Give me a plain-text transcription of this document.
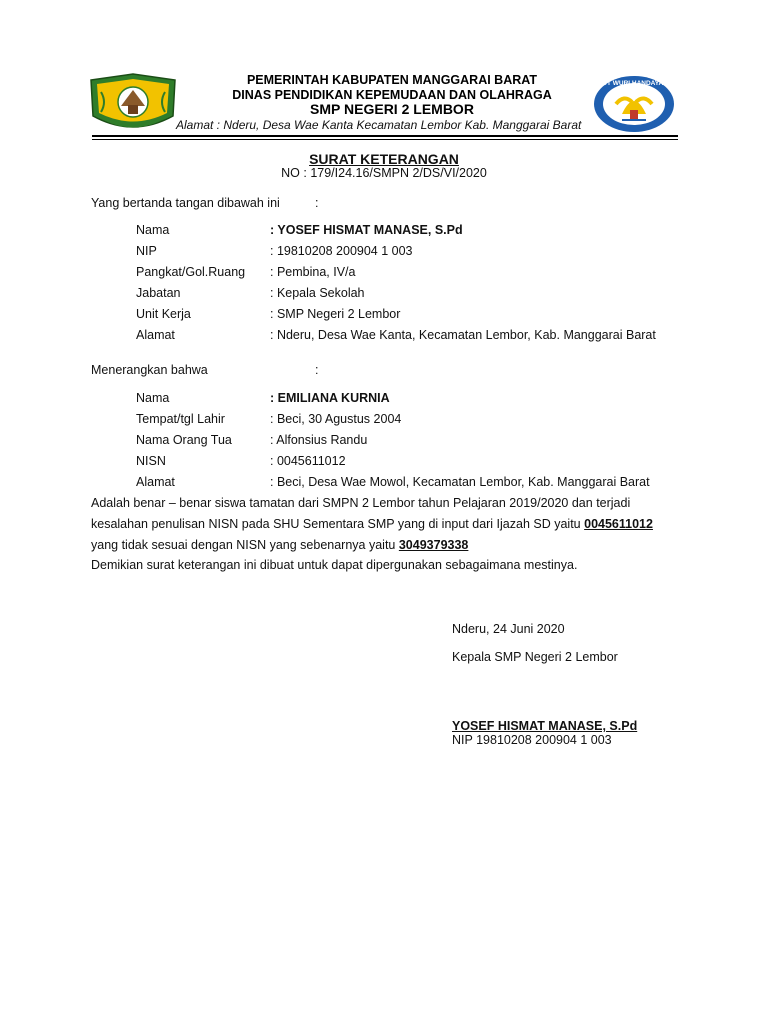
TUT WURI HANDAYANI
PEMERINTAH KABUPATEN MANGGARAI BARAT
DINAS PENDIDIKAN KEPEMUDAAN DAN OLAHRAGA
SMP NEGERI 2 LEMBOR
Alamat : Nderu, Desa Wae Kanta Kecamatan Lembor Kab. Manggarai Barat
SURAT KETERANGAN
NO : 179/I24.16/SMPN 2/DS/VI/2020
Yang bertanda tangan dibawah ini	:
Nama	: YOSEF HISMAT MANASE, S.Pd
NIP	: 19810208 200904 1 003
Pangkat/Gol.Ruang : Pembina, IV/a
Jabatan	: Kepala Sekolah
Unit Kerja	: SMP Negeri 2 Lembor
Alamat	: Nderu, Desa Wae Kanta, Kecamatan Lembor, Kab. Manggarai Barat
Menerangkan bahwa	:
Nama	: EMILIANA KURNIA
Tempat/tgl Lahir	: Beci, 30 Agustus 2004
Nama Orang Tua	: Alfonsius Randu
NISN	: 0045611012
Alamat	: Beci, Desa Wae Mowol, Kecamatan Lembor, Kab. Manggarai Barat
Adalah benar – benar siswa tamatan dari SMPN 2 Lembor tahun Pelajaran 2019/2020 dan terjadi
kesalahan penulisan NISN pada SHU Sementara SMP yang di input dari Ijazah SD yaitu 0045611012
yang tidak sesuai dengan NISN yang sebenarnya yaitu 3049379338
Demikian surat keterangan ini dibuat untuk dapat dipergunakan sebagaimana mestinya.
Nderu, 24 Juni 2020
Kepala SMP Negeri 2 Lembor
YOSEF HISMAT MANASE, S.Pd
NIP 19810208 200904 1 003
